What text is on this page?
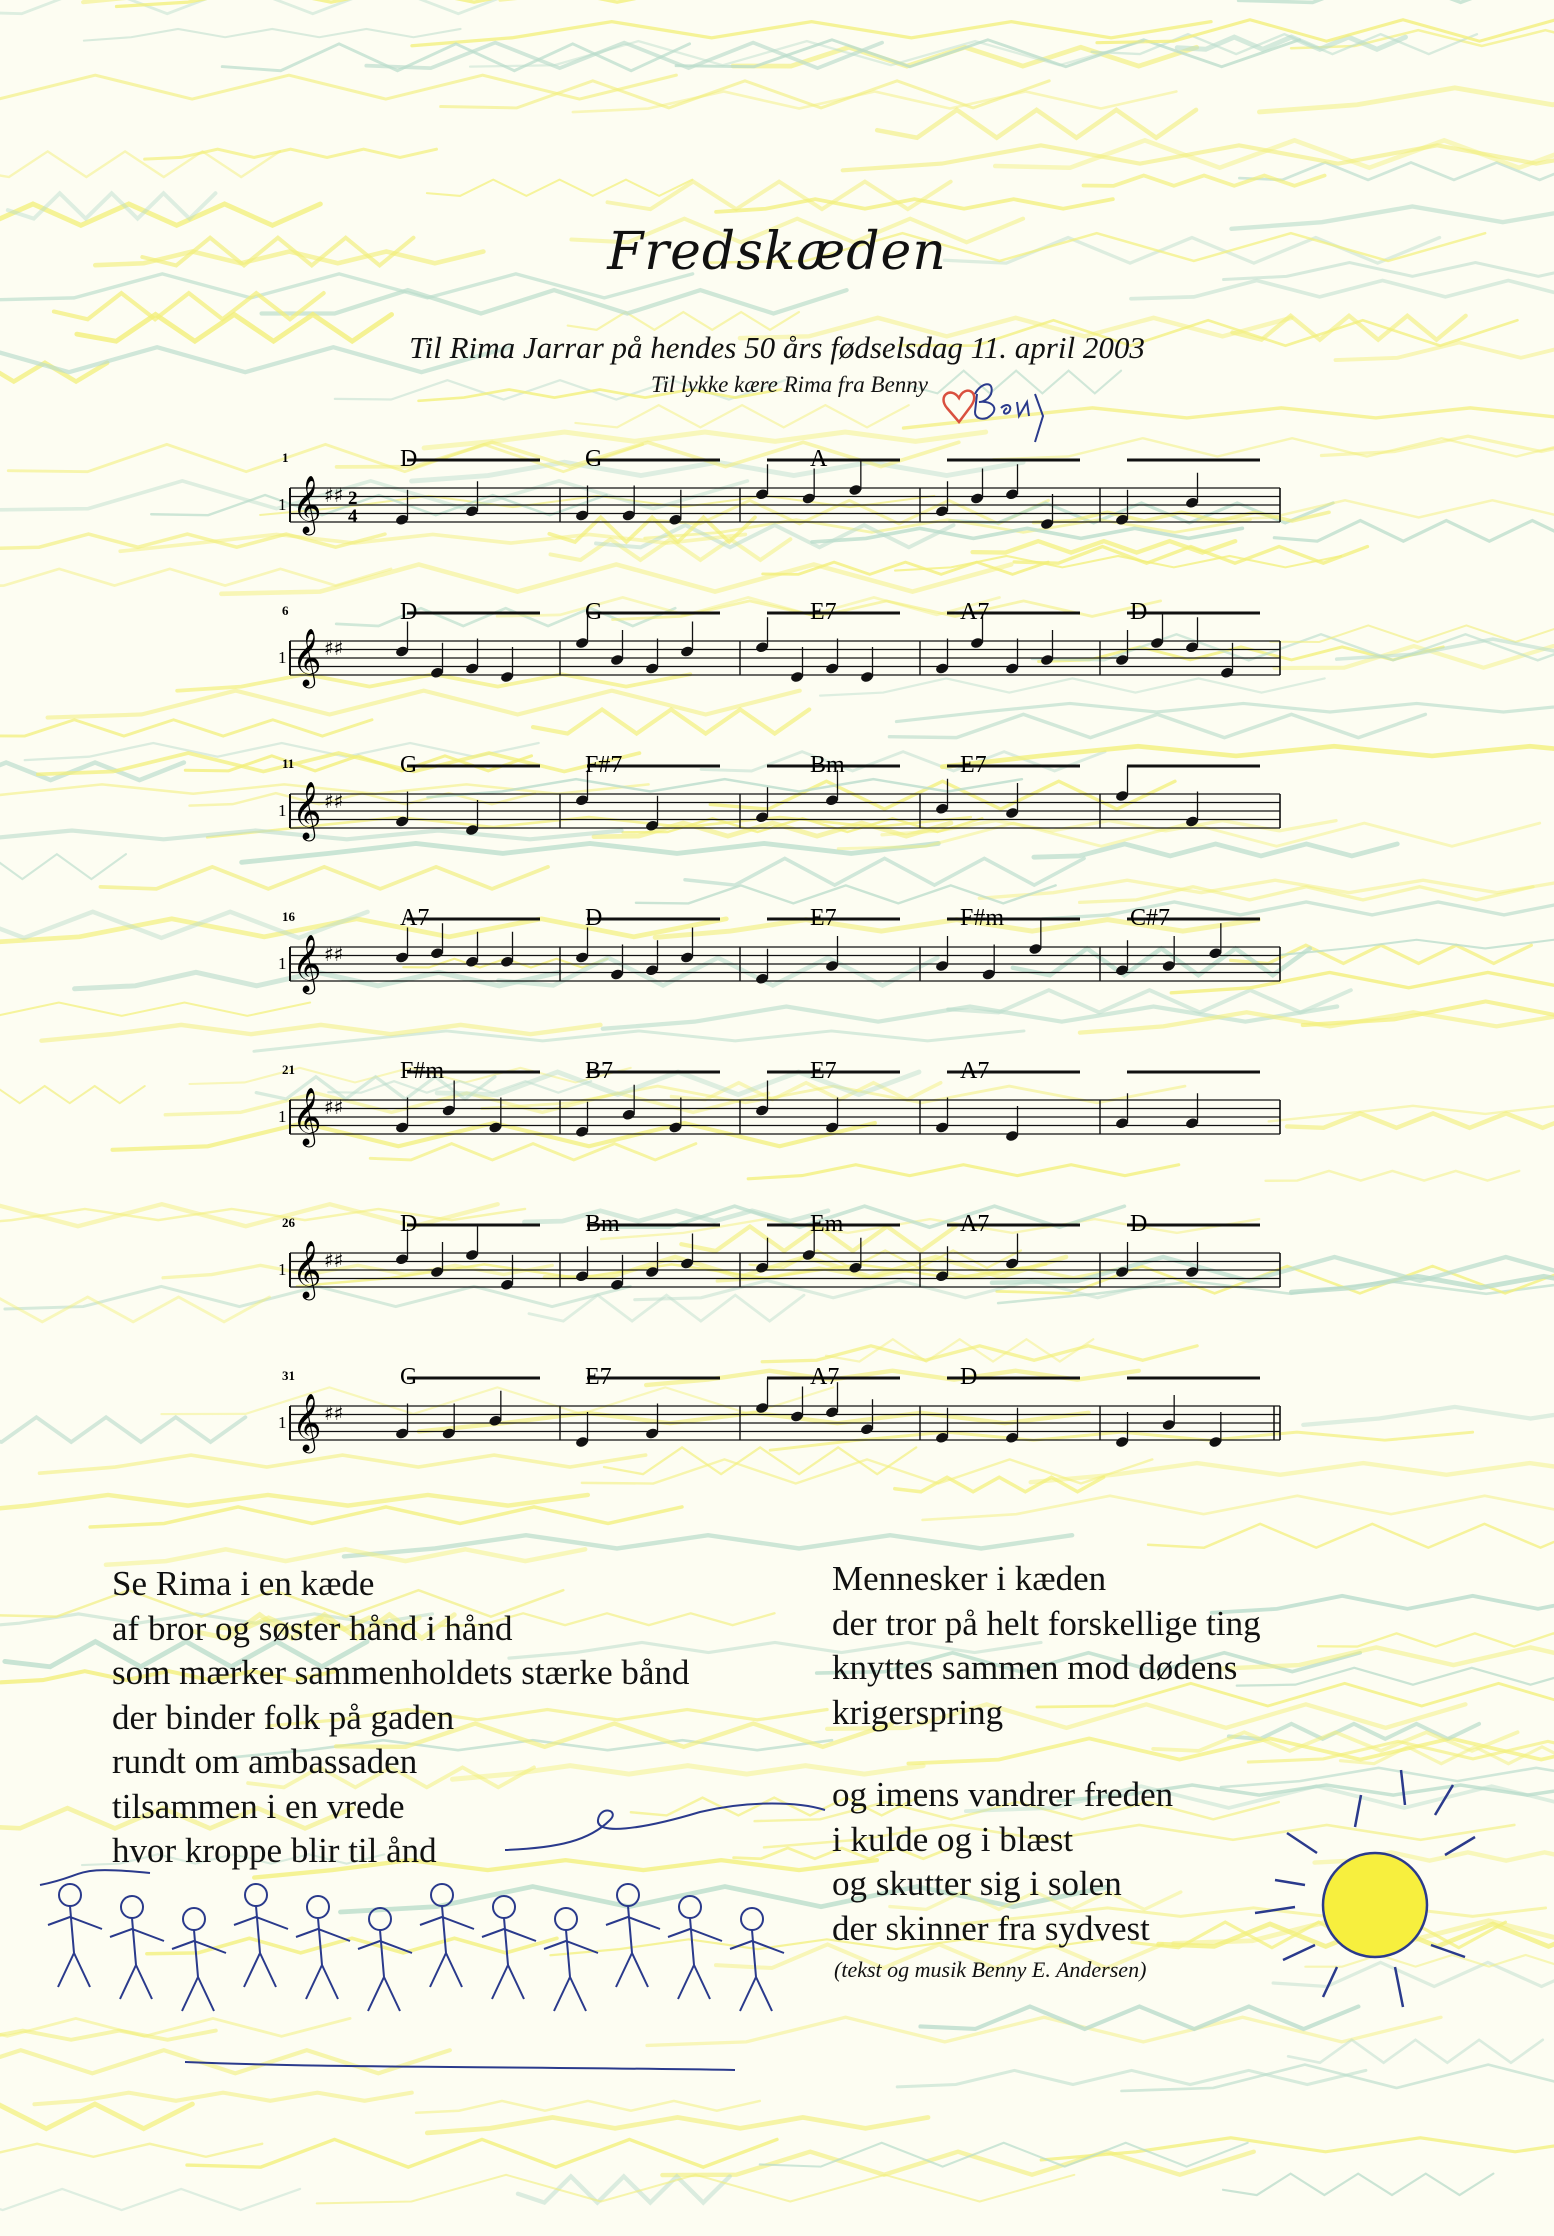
Fredskæden
Til Rima Jarrar på hendes 50 års fødselsdag 11. april 2003
Til lykke kære Rima fra Benny
1
1 𝄞 ♯♯ 2
4
D	G	A
6
1 𝄞 ♯♯
D	G	E7	A7	D
11
1 𝄞 ♯♯
G	F#7	Bm	E7
16
1 𝄞 ♯♯
A7	D	E7	F#m	C#7
21
1 𝄞 ♯♯
F#m	B7	E7	A7
26
1 𝄞 ♯♯
D	Bm	Em	A7	D
31
1 𝄞 ♯♯
G	E7	A7	D
Se Rima i en kæde
af bror og søster hånd i hånd
som mærker sammenholdets stærke bånd
der binder folk på gaden
rundt om ambassaden
tilsammen i en vrede
hvor kroppe blir til ånd
Mennesker i kæden
der tror på helt forskellige ting
knyttes sammen mod dødens
krigerspring
og imens vandrer freden
i kulde og i blæst
og skutter sig i solen
der skinner fra sydvest
(tekst og musik Benny E. Andersen)
